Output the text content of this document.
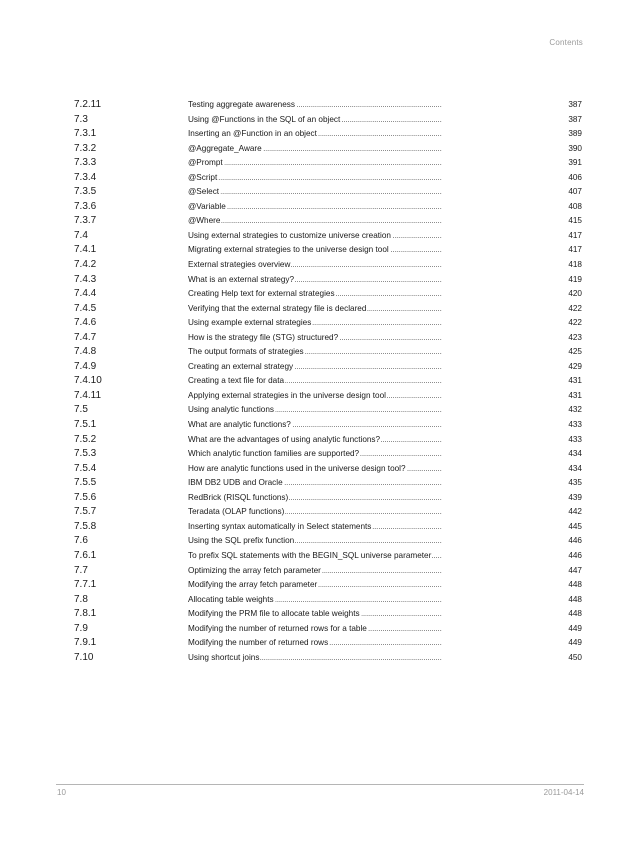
Contents
7.2.11	Testing aggregate awareness . . .	387
7.3	Using @Functions in the SQL of an object . . .	387
7.3.1	Inserting an @Function in an object . . .	389
7.3.2	@Aggregate_Aware . . .	390
7.3.3	@Prompt . . .	391
7.3.4	@Script . . .	406
7.3.5	@Select . . .	407
7.3.6	@Variable . . .	408
7.3.7	@Where . . .	415
7.4	Using external strategies to customize universe creation . . .	417
7.4.1	Migrating external strategies to the universe design tool . . .	417
7.4.2	External strategies overview . . .	418
7.4.3	What is an external strategy? . . .	419
7.4.4	Creating Help text for external strategies . . .	420
7.4.5	Verifying that the external strategy file is declared . . .	422
7.4.6	Using example external strategies . . .	422
7.4.7	How is the strategy file (STG) structured? . . .	423
7.4.8	The output formats of strategies . . .	425
7.4.9	Creating an external strategy . . .	429
7.4.10	Creating a text file for data . . .	431
7.4.11	Applying external strategies in the universe design tool . . .	431
7.5	Using analytic functions . . .	432
7.5.1	What are analytic functions? . . .	433
7.5.2	What are the advantages of using analytic functions? . . .	433
7.5.3	Which analytic function families are supported? . . .	434
7.5.4	How are analytic functions used in the universe design tool? . . .	434
7.5.5	IBM DB2 UDB and Oracle . . .	435
7.5.6	RedBrick (RISQL functions) . . .	439
7.5.7	Teradata (OLAP functions) . . .	442
7.5.8	Inserting syntax automatically in Select statements . . .	445
7.6	Using the SQL prefix function . . .	446
7.6.1	To prefix SQL statements with the BEGIN_SQL universe parameter . . .	446
7.7	Optimizing the array fetch parameter . . .	447
7.7.1	Modifying the array fetch parameter . . .	448
7.8	Allocating table weights . . .	448
7.8.1	Modifying the PRM file to allocate table weights . . .	448
7.9	Modifying the number of returned rows for a table . . .	449
7.9.1	Modifying the number of returned rows . . .	449
7.10	Using shortcut joins . . .	450
10	2011-04-14
